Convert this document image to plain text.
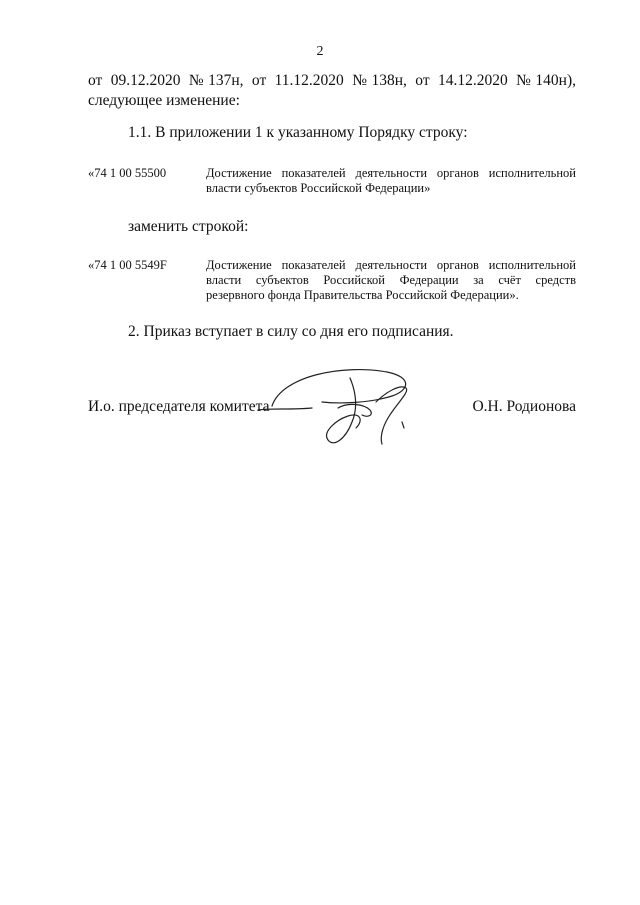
2
от 09.12.2020 №137н, от 11.12.2020 №138н, от 14.12.2020 №140н),
следующее изменение:
1.1. В приложении 1 к указанному Порядку строку:
«74 1 00 55500	Достижение показателей деятельности органов исполнительной
власти субъектов Российской Федерации»
заменить строкой:
«74 1 00 5549F	Достижение показателей деятельности органов исполнительной
власти субъектов Российской Федерации за счёт средств
резервного фонда Правительства Российской Федерации».
2. Приказ вступает в силу со дня его подписания.
И.о. председателя комитета	О.Н. Родионова
